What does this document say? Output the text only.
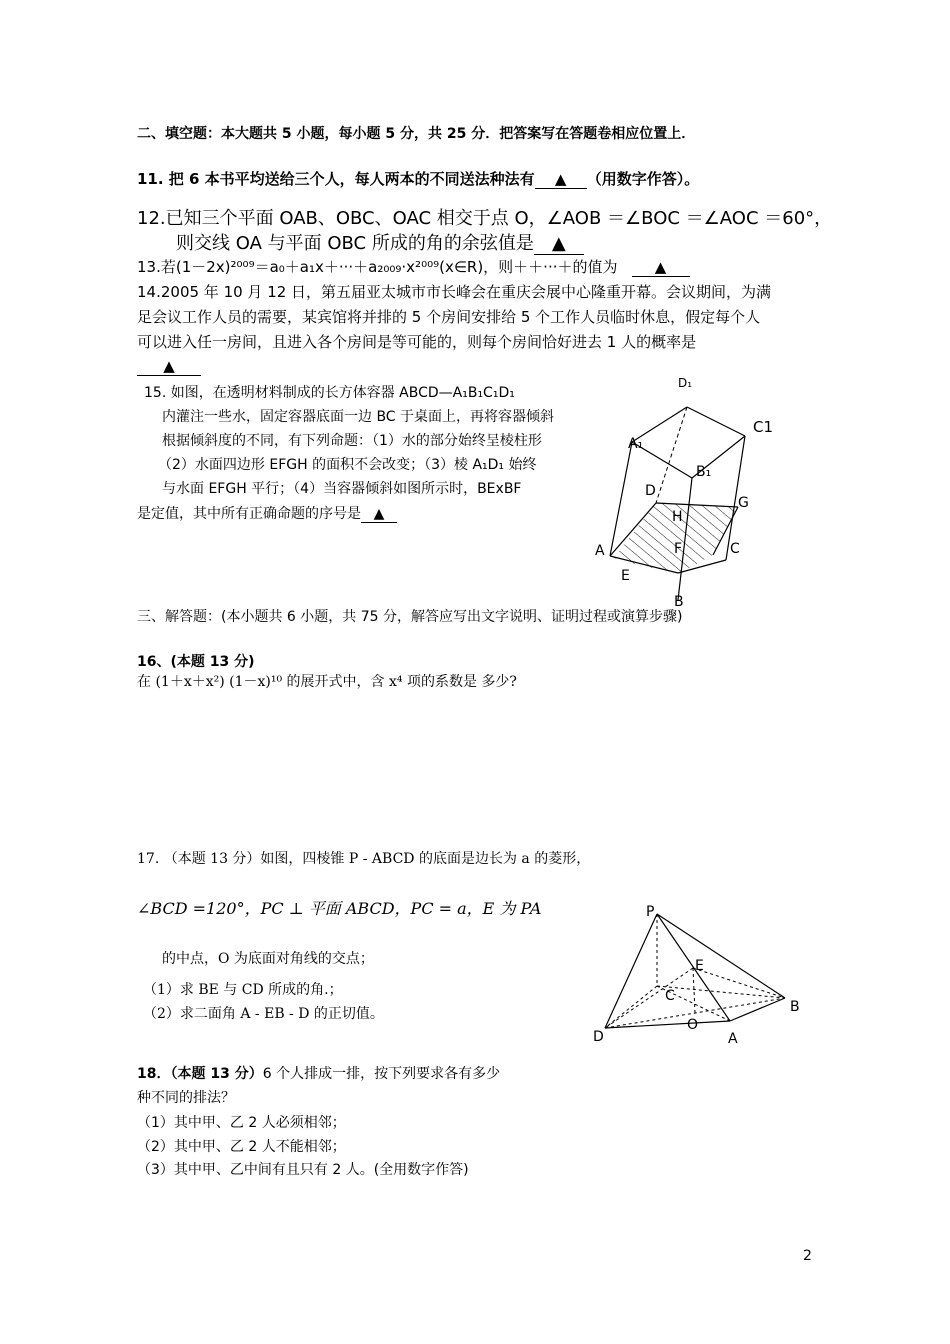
二、填空题：本大题共 5 小题，每小题 5 分，共 25 分．把答案写在答题卷相应位置上．
11. 把 6 本书平均送给三个人，每人两本的不同送法种法有 ▲ （用数字作答）。
12.已知三个平面 OAB、OBC、OAC 相交于点 O，∠AOB ＝∠BOC ＝∠AOC ＝60°，
则交线 OA 与平面 OBC 所成的角的余弦值是 ▲
13.若(1－2x)²⁰⁰⁹＝a₀＋a₁x＋···＋a₂₀₀₉·x²⁰⁰⁹(x∈R)，则＋＋···＋的值为 ▲
14.2005 年 10 月 12 日，第五届亚太城市市长峰会在重庆会展中心隆重开幕。会议期间，为满
足会议工作人员的需要，某宾馆将并排的 5 个房间安排给 5 个工作人员临时休息，假定每个人
可以进入任一房间，且进入各个房间是等可能的，则每个房间恰好进去 1 人的概率是
▲
15. 如图，在透明材料制成的长方体容器 ABCD—A₁B₁C₁D₁
内灌注一些水，固定容器底面一边 BC 于桌面上，再将容器倾斜
根据倾斜度的不同，有下列命题：（1）水的部分始终呈棱柱形
（2）水面四边形 EFGH 的面积不会改变；（3）棱 A₁D₁ 始终
与水面 EFGH 平行；（4）当容器倾斜如图所示时，BExBF
是定值，其中所有正确命题的序号是 ▲
D₁
C1
A₁
B₁
D
G
H
F
A	C
E
B
三、解答题：(本小题共 6 小题，共 75 分，解答应写出文字说明、证明过程或演算步骤)
16、(本题 13 分)
在 (1＋x＋x²) (1－x)¹⁰ 的展开式中，含 x⁴ 项的系数是 多少?
17. （本题 13 分）如图，四棱锥 P - ABCD 的底面是边长为 a 的菱形，
∠BCD =120°，PC ⊥ 平面 ABCD，PC = a，E 为 PA
的中点，O 为底面对角线的交点；
（1）求 BE 与 CD 所成的角.；
（2）求二面角 A - EB - D 的正切值。
P
E
C
B
O
D	A
18．（本题 13 分）6 个人排成一排，按下列要求各有多少
种不同的排法？
（1）其中甲、乙 2 人必须相邻；
（2）其中甲、乙 2 人不能相邻；
（3）其中甲、乙中间有且只有 2 人。(全用数字作答)
2
